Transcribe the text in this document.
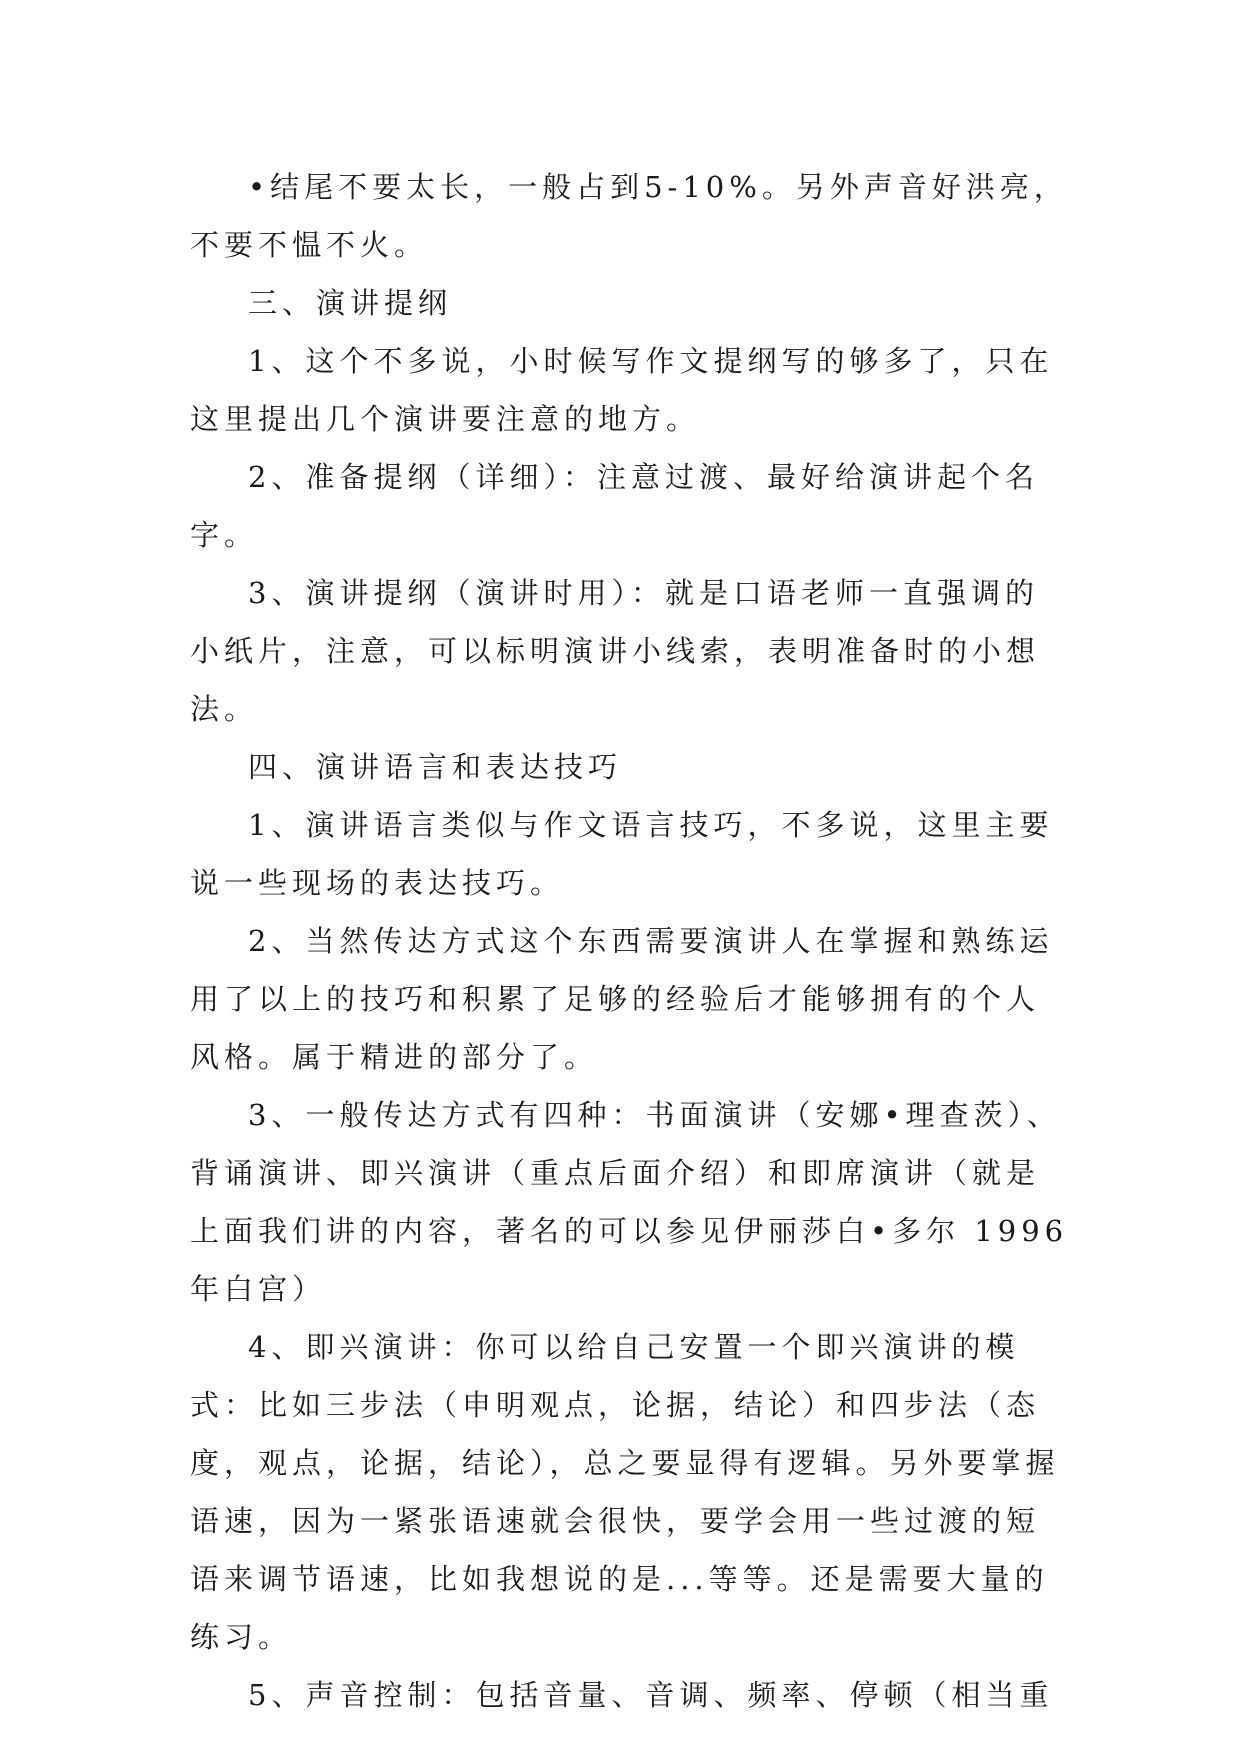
•结尾不要太长，一般占到5-10%。另外声音好洪亮，不要不愠不火。

三、演讲提纲

1、这个不多说，小时候写作文提纲写的够多了，只在这里提出几个演讲要注意的地方。

2、准备提纲（详细）：注意过渡、最好给演讲起个名字。

3、演讲提纲（演讲时用）：就是口语老师一直强调的小纸片，注意，可以标明演讲小线索，表明准备时的小想法。

四、演讲语言和表达技巧

1、演讲语言类似与作文语言技巧，不多说，这里主要说一些现场的表达技巧。

2、当然传达方式这个东西需要演讲人在掌握和熟练运用了以上的技巧和积累了足够的经验后才能够拥有的个人风格。属于精进的部分了。

3、一般传达方式有四种：书面演讲（安娜•理查茨）、背诵演讲、即兴演讲（重点后面介绍）和即席演讲（就是上面我们讲的内容，著名的可以参见伊丽莎白•多尔 1996 年白宫）

4、即兴演讲：你可以给自己安置一个即兴演讲的模式：比如三步法（申明观点，论据，结论）和四步法（态度，观点，论据，结论），总之要显得有逻辑。另外要掌握语速，因为一紧张语速就会很快，要学会用一些过渡的短语来调节语速，比如我想说的是...等等。还是需要大量的练习。

5、声音控制：包括音量、音调、频率、停顿（相当重
